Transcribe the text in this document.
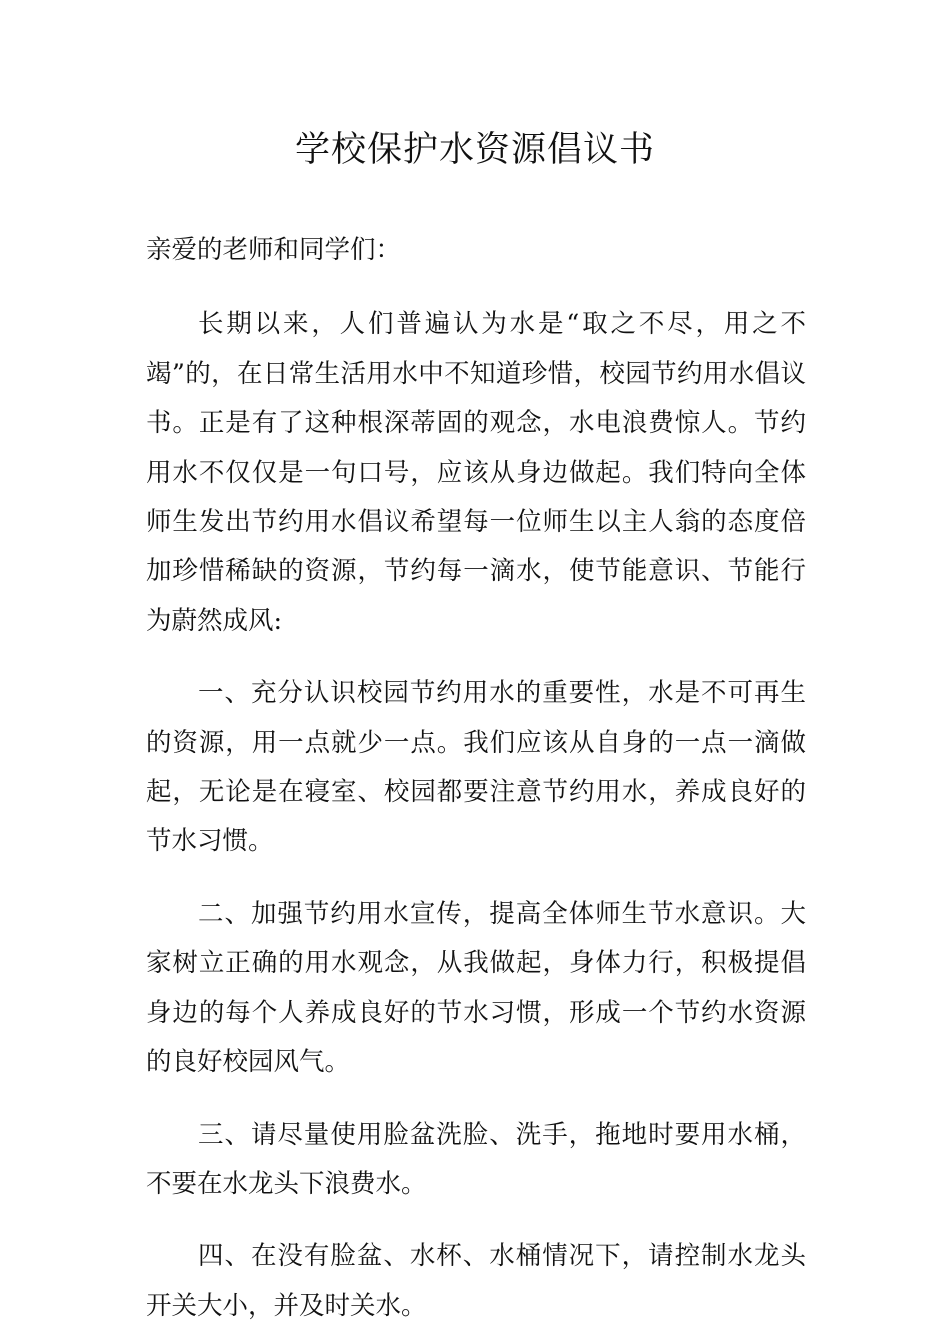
学校保护水资源倡议书

亲爱的老师和同学们：

长期以来，人们普遍认为水是“取之不尽，用之不竭”的，在日常生活用水中不知道珍惜，校园节约用水倡议书。正是有了这种根深蒂固的观念，水电浪费惊人。节约用水不仅仅是一句口号，应该从身边做起。我们特向全体师生发出节约用水倡议希望每一位师生以主人翁的态度倍加珍惜稀缺的资源，节约每一滴水，使节能意识、节能行为蔚然成风:

一、充分认识校园节约用水的重要性，水是不可再生的资源，用一点就少一点。我们应该从自身的一点一滴做起，无论是在寝室、校园都要注意节约用水，养成良好的节水习惯。

二、加强节约用水宣传，提高全体师生节水意识。大家树立正确的用水观念，从我做起，身体力行，积极提倡身边的每个人养成良好的节水习惯，形成一个节约水资源的良好校园风气。

三、请尽量使用脸盆洗脸、洗手，拖地时要用水桶，不要在水龙头下浪费水。

四、在没有脸盆、水杯、水桶情况下，请控制水龙头开关大小，并及时关水。
